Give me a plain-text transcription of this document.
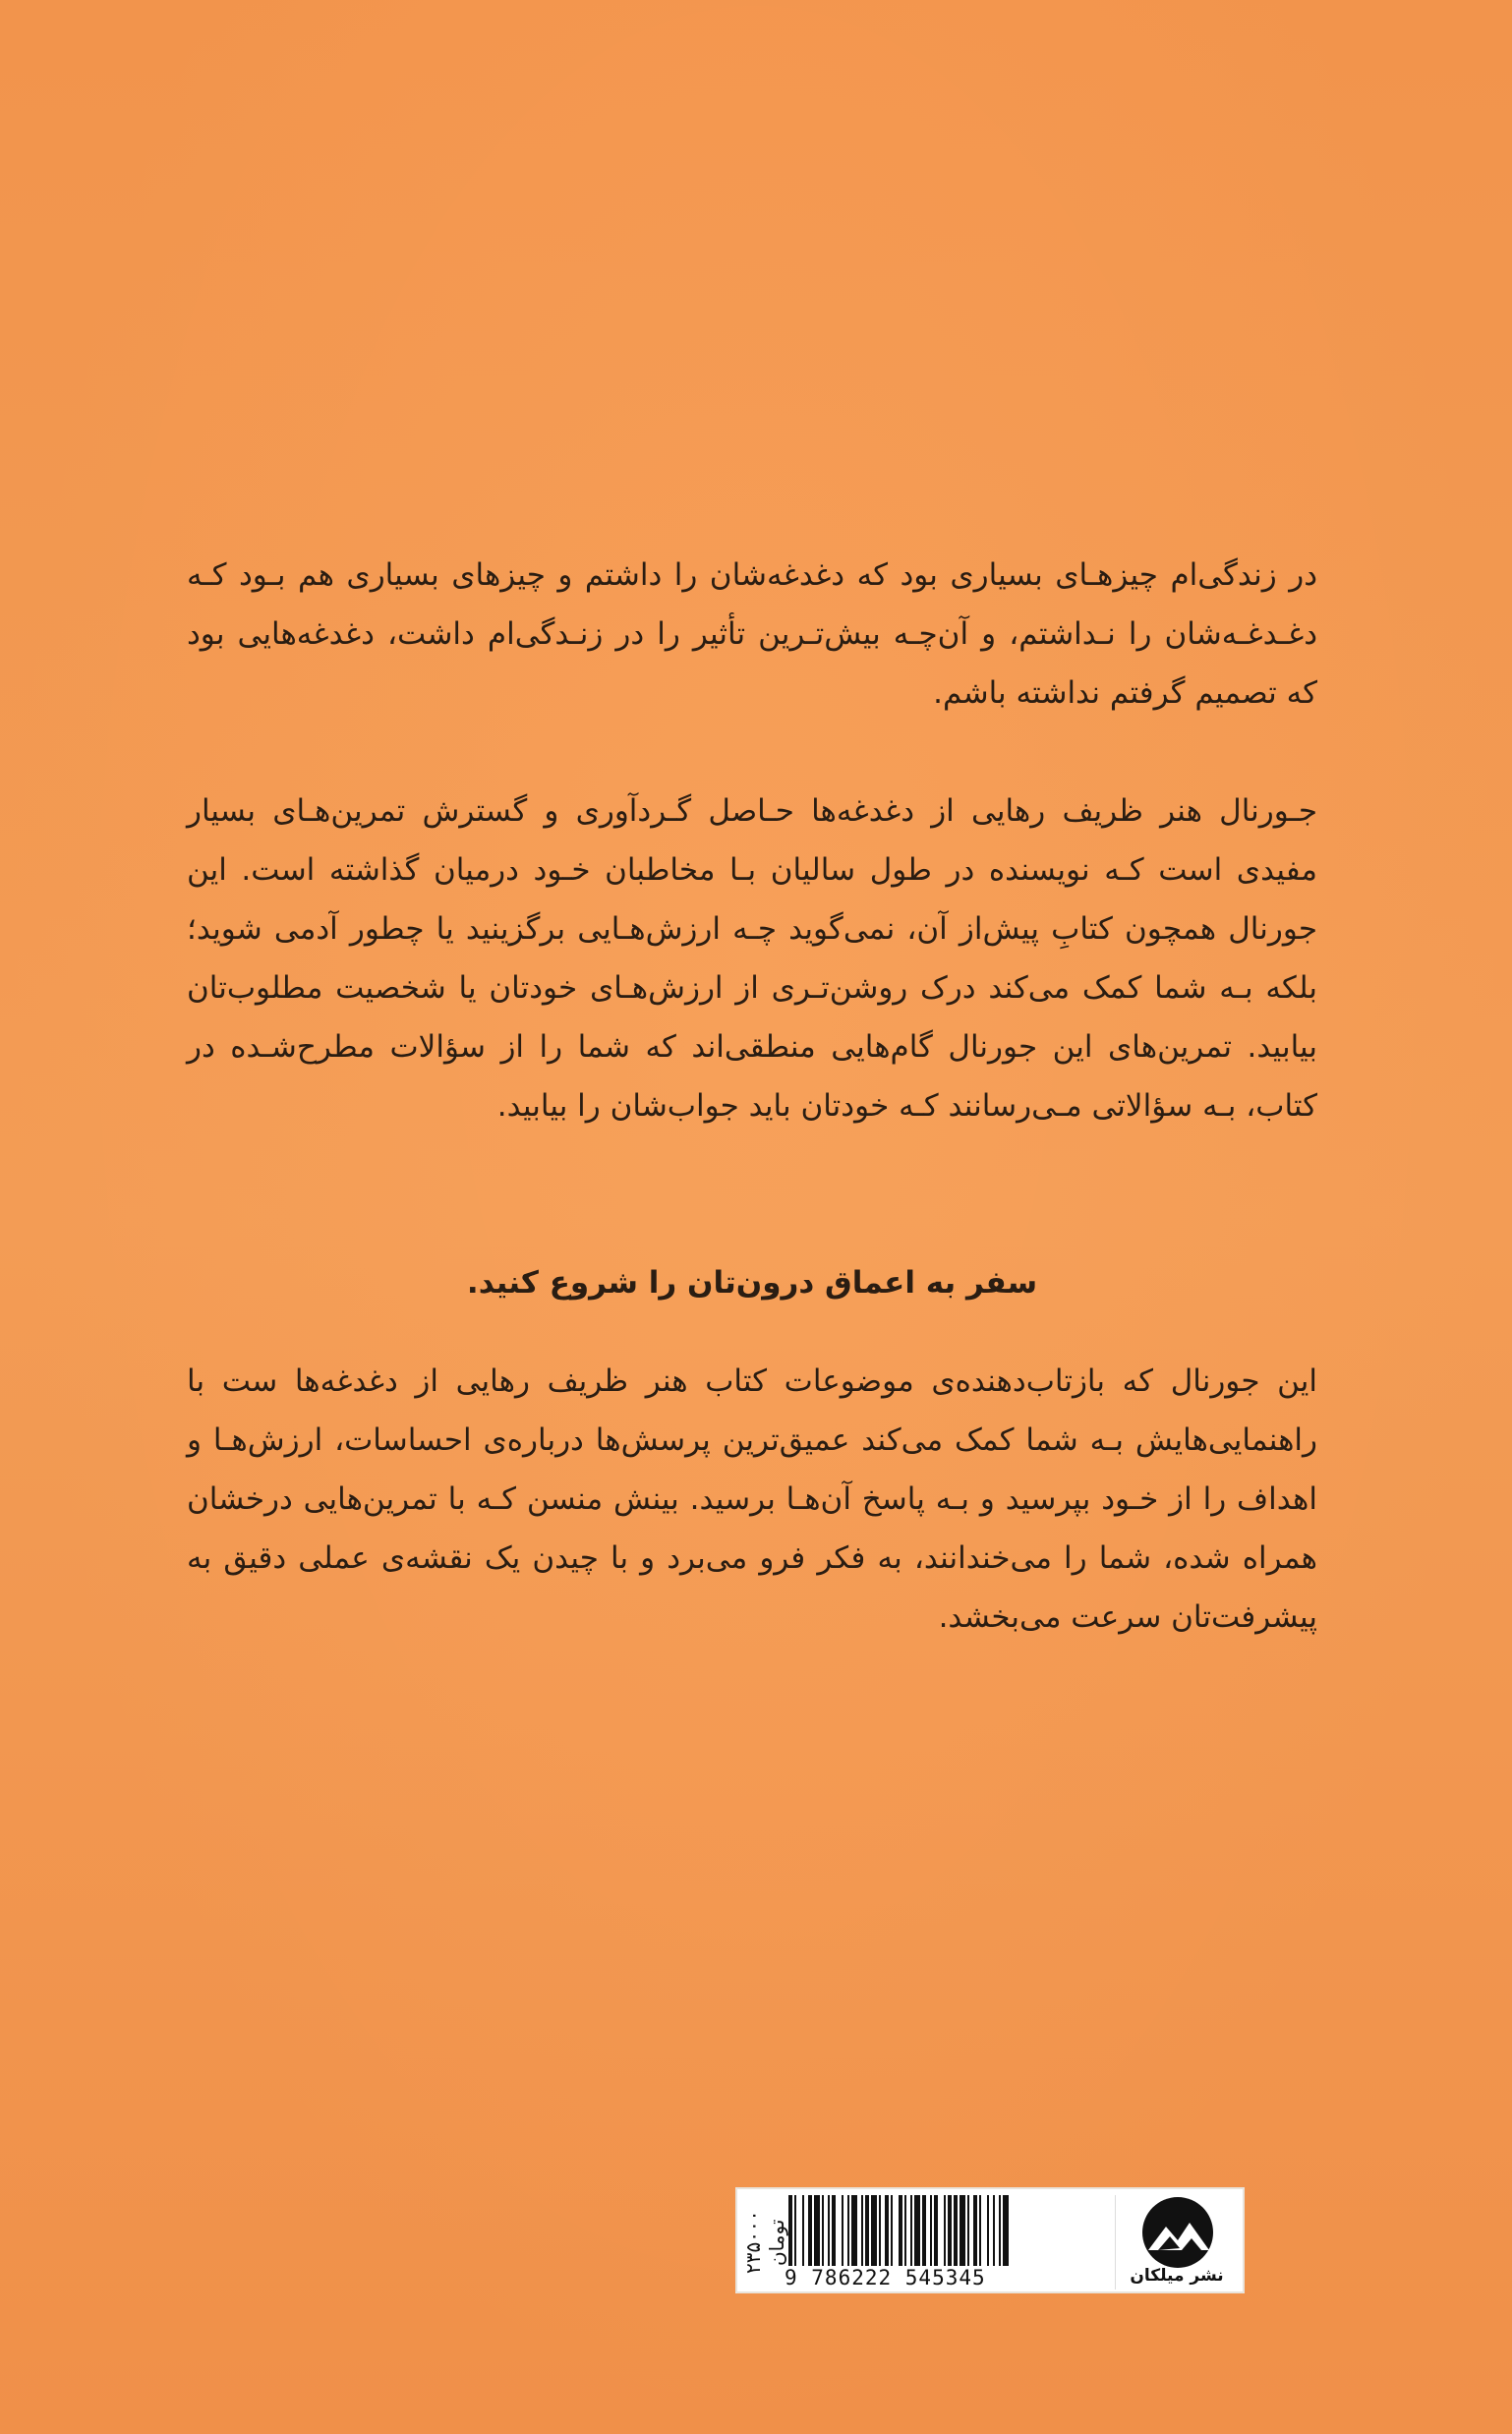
در زندگی‌ام چیزهـای بسیاری بود که دغدغه‌شان را داشتم و چیزهای بسیاری هم بـود کـه دغـدغـه‌شان را نـداشتم، و آن‌چـه بیش‌تـرین تأثیر را در زنـدگی‌ام داشت، دغدغه‌هایی بود که تصمیم گرفتم نداشته باشم.
جـورنال هنر ظریف رهایی از دغدغه‌ها حـاصل گـردآوری و گسترش تمرین‌هـای بسیار مفیدی است کـه نویسنده در طول سالیان بـا مخاطبان خـود درمیان گذاشته است. این جورنال همچون کتابِ پیش‌از آن، نمی‌گوید چـه ارزش‌هـایی برگزینید یا چطور آدمی شوید؛ بلکه بـه شما کمک می‌کند درک روشن‌تـری از ارزش‌هـای خودتان یا شخصیت مطلوب‌تان بیابید. تمرین‌های این جورنال گام‌هایی منطقی‌اند که شما را از سؤالات مطرح‌شـده در کتاب، بـه سؤالاتی مـی‌رسانند کـه خودتان باید جواب‌شان را بیابید.
سفر به اعماق درون‌تان را شروع کنید.
این جورنال که بازتاب‌دهنده‌ی موضوعات کتاب هنر ظریف رهایی از دغدغه‌ها ست با راهنمایی‌هایش بـه شما کمک می‌کند عمیق‌ترین پرسش‌ها درباره‌ی احساسات، ارزش‌هـا و اهداف را از خـود بپرسید و بـه پاسخ آن‌هـا برسید. بینش منسن کـه با تمرین‌هایی درخشان همراه شده، شما را می‌خندانند، به فکر فرو می‌برد و با چیدن یک نقشه‌ی عملی دقیق به پیشرفت‌تان سرعت می‌بخشد.
۲۳۵۰۰۰ تومان
9 786222 545345	نشر میلکان
